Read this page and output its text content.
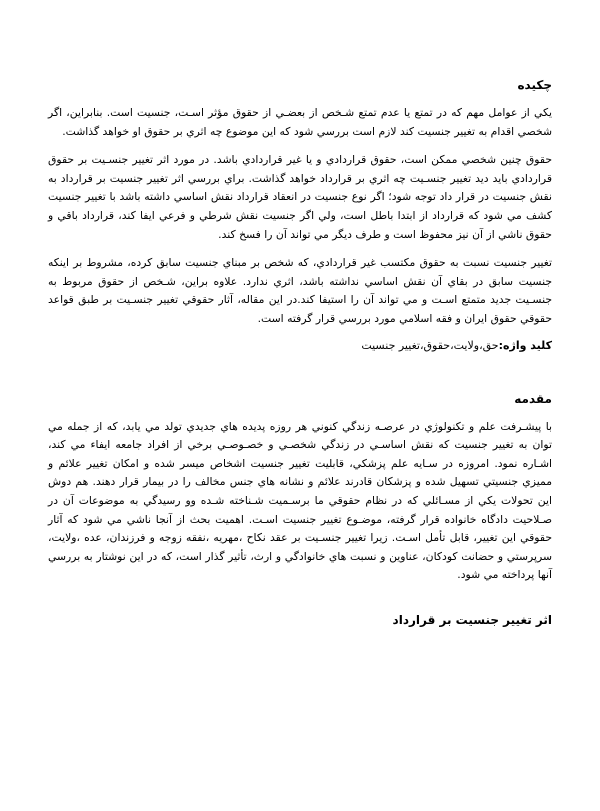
چکیده

یکي از عوامل مهم که در تمتع یا عدم تمتع شـخص از بعضـي از حقوق مؤثر اسـت، جنسیت است. بنابراین، اگر شخصي اقدام به تغییر جنسیت کند لازم است بررسي شود که این موضوع چه اثري بر حقوق او خواهد گذاشت.

حقوق چنین شخصي ممکن است، حقوق قراردادي و یا غیر قراردادي باشد. در مورد اثر تغییر جنسـیت بر حقوق قراردادي باید دید تغییر جنسـیت چه اثري بر قرارداد خواهد گذاشت. براي بررسي اثر تغییر جنسیت بر قرارداد به نقش جنسیت در قرار داد توجه شود؛ اگر نوع جنسیت در انعقاد قرارداد نقش اساسي داشته باشد با تغییر جنسیت کشف مي شود که قرارداد از ابتدا باطل است، ولي اگر جنسیت نقش شرطي و فرعي ایفا کند، قرارداد باقي و حقوق ناشي از آن نیز محفوظ است و طرف دیگر مي تواند آن را فسخ کند.

تغییر جنسیت نسبت به حقوق مکتسب غیر قراردادي، که شخص بر مبناي جنسیت سابق کرده، مشروط بر اینکه جنسیت سابق در بقاي آن نقش اساسي نداشته باشد، اثري ندارد. علاوه براین، شـخص از حقوق مربوط به جنسـیت جدید متمتع اسـت و مي تواند آن را استیفا کند.در این مقاله، آثار حقوقي تغییر جنسـیت بر طبق قواعد حقوقي حقوق ایران و فقه اسلامي مورد بررسي قرار گرفته است.

کلید واژه:حق،ولایت،حقوق،تغییر جنسیت
مقدمه

با پیشـرفت علم و تکنولوژي در عرصـه زندگي کنوني هر روزه پدیده هاي جدیدي تولد مي یابد، که از جمله مي توان به تغییر جنسیت که نقش اساسـي در زندگي شخصـي و خصـوصـي برخي از افراد جامعه ایفاء مي کند، اشـاره نمود. امروزه در سـایه علم پزشکي، قابلیت تغییر جنسیت اشخاص میسر شده و امکان تغییر علائم و ممیزي جنسیتي تسهیل شده و پزشکان قادرند علائم و نشانه هاي جنس مخالف را در بیمار قرار دهند. هم دوش این تحولات یکي از مسـائلي که در نظام حقوقي ما برسـمیت شـناخته شـده وو رسیدگي به موضوعات آن در صـلاحیت دادگاه خانواده قرار گرفته، موضـوع تغییر جنسیت اسـت. اهمیت بحث از آنجا ناشي مي شود که آثار حقوقي این تغییر، قابل تأمل اسـت. زیرا تغییر جنسـیت بر عقد نکاح ،مهریه ،نفقه زوجه و فرزندان، عده ،ولایت، سرپرستي و حضانت کودکان، عناوین و نسبت هاي خانوادگي و ارث، تأثیر گذار است، که در این نوشتار به بررسي آنها پرداخته مي شود.

اثر تغییر جنسیت بر قرارداد
